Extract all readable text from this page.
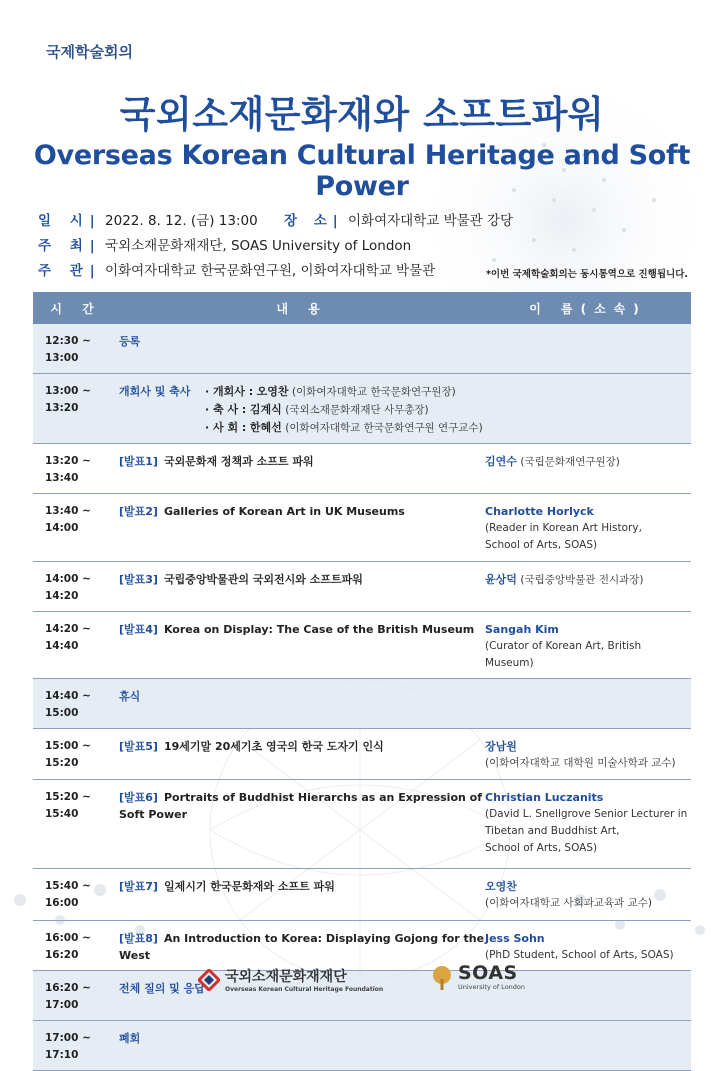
국제학술회의
국외소재문화재와 소프트파워
Overseas Korean Cultural Heritage and Soft Power
일 시| 2022. 8. 12. (금) 13:00 장 소| 이화여자대학교 박물관 강당
주 최| 국외소재문화재재단, SOAS University of London
주 관| 이화여자대학교 한국문화연구원, 이화여자대학교 박물관	*이번 국제학술회의는 동시통역으로 진행됩니다.
시 간	내 용	이 름(소속)
12:30 ~ 13:00	등록	
13:00 ~ 13:20	개회사 및 축사 · 개회사 : 오영찬 (이화여자대학교 한국문화연구원장)
· 축 사 : 김계식 (국외소재문화재재단 사무총장)
· 사 회 : 한혜선 (이화여자대학교 한국문화연구원 연구교수)	

13:20 ~ 13:40	[발표1] 국외문화재 정책과 소프트 파워	김연수 (국립문화재연구원장)
13:40 ~ 14:00	[발표2] Galleries of Korean Art in UK Museums	Charlotte Horlyck
(Reader in Korean Art History,
School of Arts, SOAS)

14:00 ~ 14:20	[발표3] 국립중앙박물관의 국외전시와 소프트파워	윤상덕 (국립중앙박물관 전시과장)
14:20 ~ 14:40	[발표4] Korea on Display: The Case of the British Museum	Sangah Kim
(Curator of Korean Art, British Museum)

14:40 ~ 15:00	휴식	
15:00 ~ 15:20	[발표5] 19세기말 20세기초 영국의 한국 도자기 인식	장남원
(이화여자대학교 대학원 미술사학과 교수)

15:20 ~ 15:40	[발표6] Portraits of Buddhist Hierarchs as an Expression of Soft Power	Christian Luczanits
(David L. Snellgrove Senior Lecturer in
Tibetan and Buddhist Art,
School of Arts, SOAS)

15:40 ~ 16:00	[발표7] 일제시기 한국문화재와 소프트 파워	오영찬
(이화여자대학교 사회과교육과 교수)

16:00 ~ 16:20	[발표8] An Introduction to Korea: Displaying Gojong for the West	Jess Sohn
(PhD Student, School of Arts, SOAS)

16:20 ~ 17:00	전체 질의 및 응답	
17:00 ~ 17:10	폐회	
국외소재문화재재단
Overseas Korean Cultural Heritage Foundation
SOAS
University of London
